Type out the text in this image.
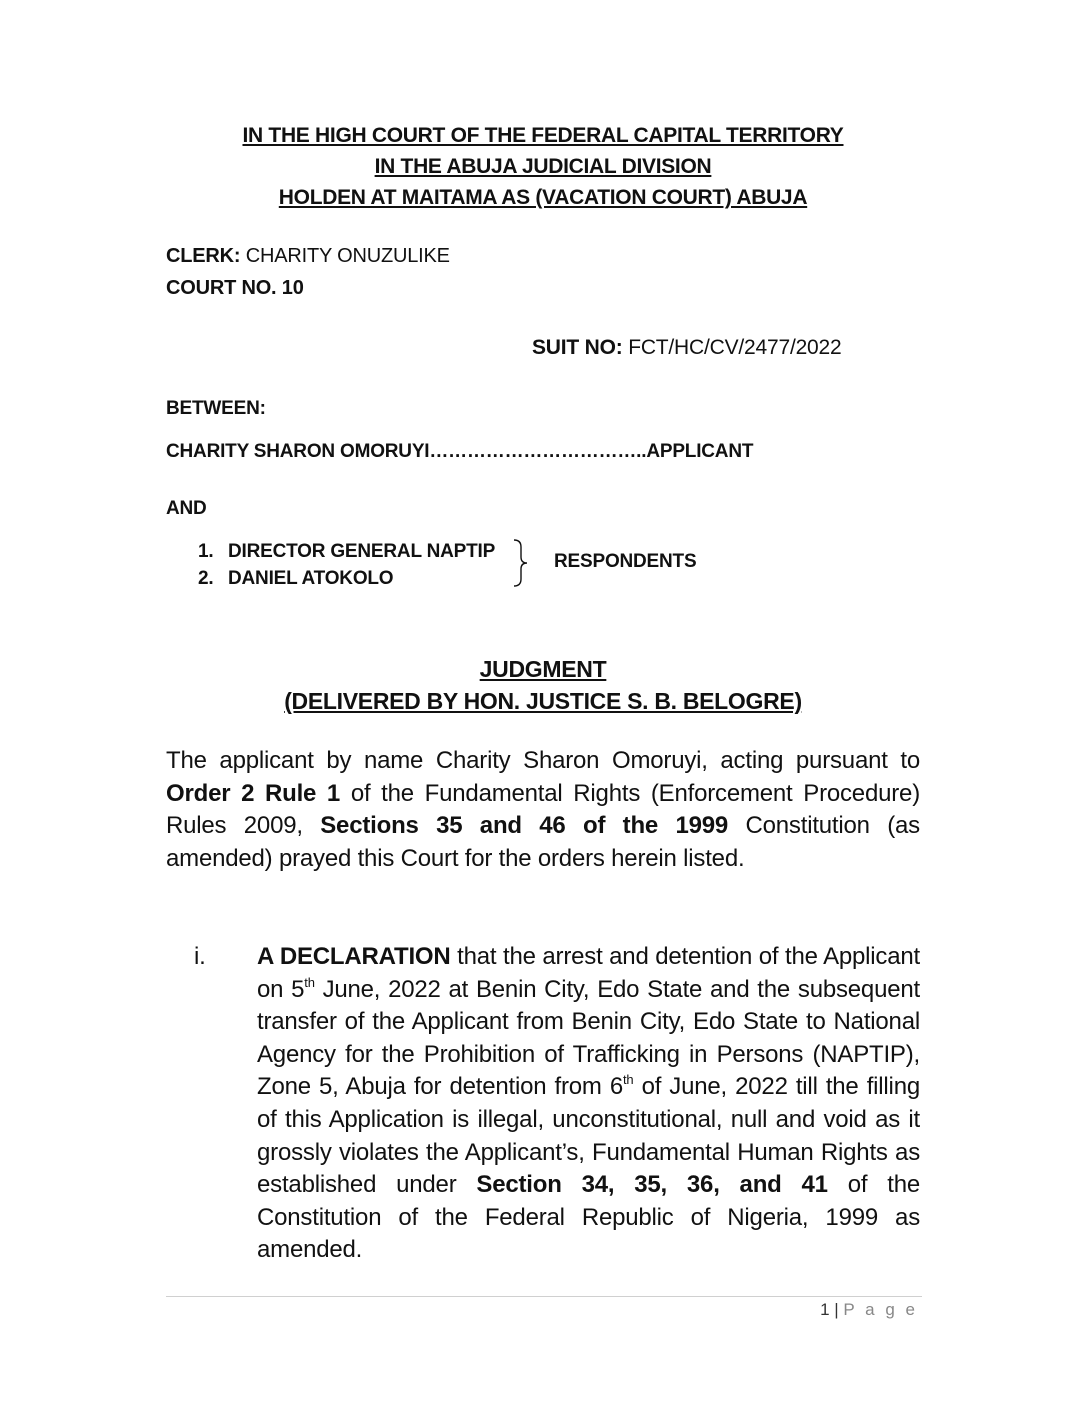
IN THE HIGH COURT OF THE FEDERAL CAPITAL TERRITORY
IN THE ABUJA JUDICIAL DIVISION
HOLDEN AT MAITAMA AS (VACATION COURT) ABUJA
CLERK: CHARITY ONUZULIKE
COURT NO. 10
SUIT NO: FCT/HC/CV/2477/2022
BETWEEN:
CHARITY SHARON OMORUYI……………………………..APPLICANT
AND
1. DIRECTOR GENERAL NAPTIP
2. DANIEL ATOKOLO
RESPONDENTS
JUDGMENT
(DELIVERED BY HON. JUSTICE S. B. BELOGRE)
The applicant by name Charity Sharon Omoruyi, acting pursuant to Order 2 Rule 1 of the Fundamental Rights (Enforcement Procedure) Rules 2009, Sections 35 and 46 of the 1999 Constitution (as amended) prayed this Court for the orders herein listed.
i. A DECLARATION that the arrest and detention of the Applicant on 5th June, 2022 at Benin City, Edo State and the subsequent transfer of the Applicant from Benin City, Edo State to National Agency for the Prohibition of Trafficking in Persons (NAPTIP), Zone 5, Abuja for detention from 6th of June, 2022 till the filling of this Application is illegal, unconstitutional, null and void as it grossly violates the Applicant’s, Fundamental Human Rights as established under Section 34, 35, 36, and 41 of the Constitution of the Federal Republic of Nigeria, 1999 as amended.
1 | P a g e
